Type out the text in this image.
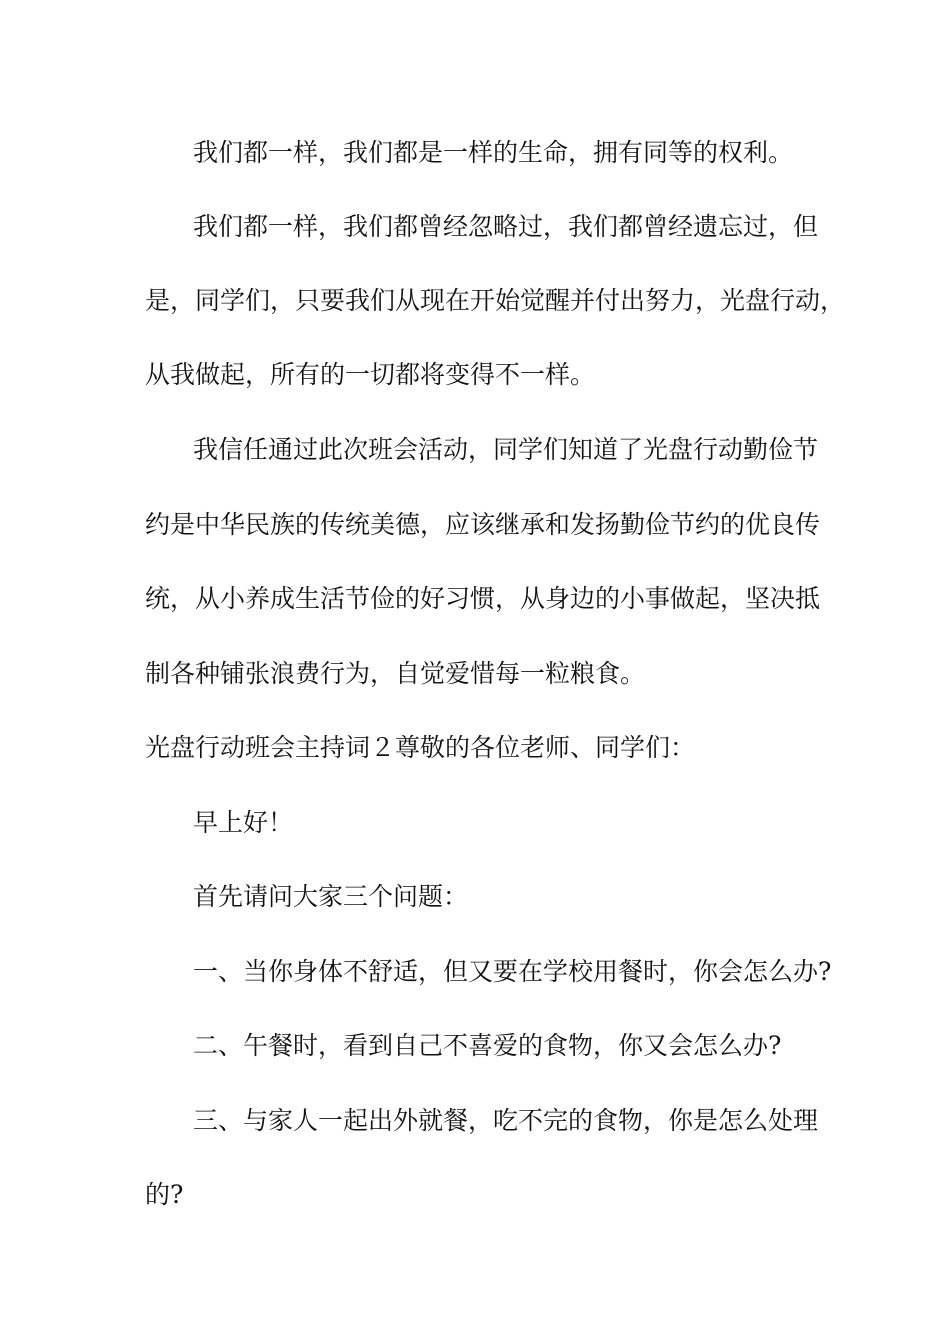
我们都一样，我们都是一样的生命，拥有同等的权利。
我们都一样，我们都曾经忽略过，我们都曾经遗忘过，但
是，同学们，只要我们从现在开始觉醒并付出努力，光盘行动，
从我做起，所有的一切都将变得不一样。
我信任通过此次班会活动，同学们知道了光盘行动勤俭节
约是中华民族的传统美德，应该继承和发扬勤俭节约的优良传
统，从小养成生活节俭的好习惯，从身边的小事做起，坚决抵
制各种铺张浪费行为，自觉爱惜每一粒粮食。
光盘行动班会主持词２尊敬的各位老师、同学们：
早上好！
首先请问大家三个问题：
一、当你身体不舒适，但又要在学校用餐时，你会怎么办?
二、午餐时，看到自己不喜爱的食物，你又会怎么办?
三、与家人一起出外就餐，吃不完的食物，你是怎么处理
的?
